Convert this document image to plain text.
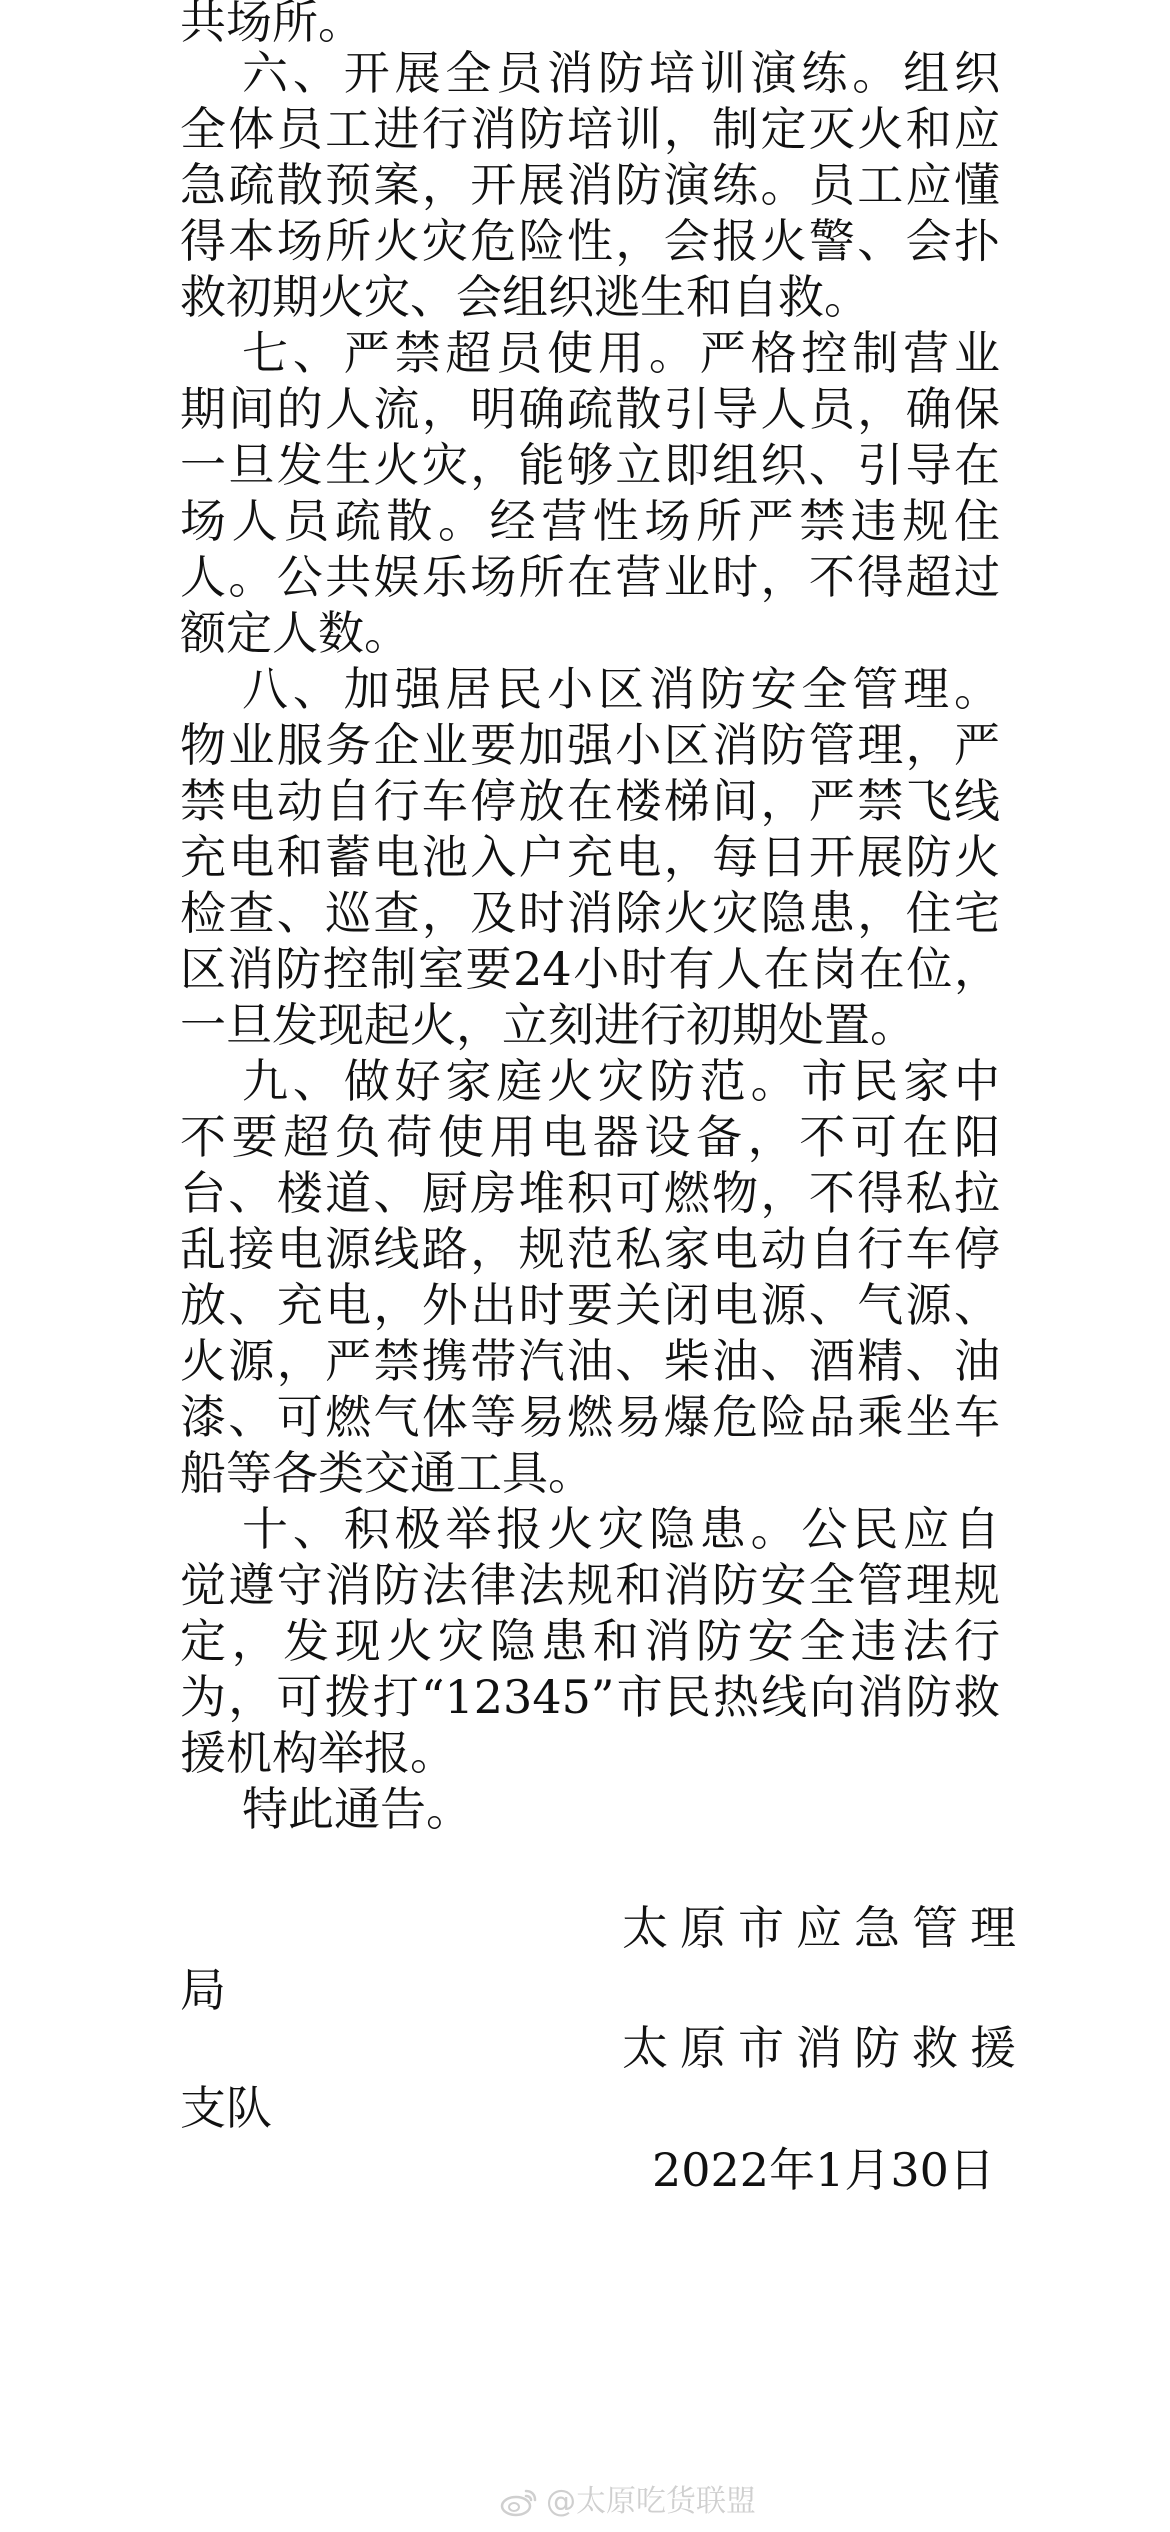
共场所。
六、开展全员消防培训演练。组织
全体员工进行消防培训，制定灭火和应
急疏散预案，开展消防演练。员工应懂
得本场所火灾危险性，会报火警、会扑
救初期火灾、会组织逃生和自救。
七、严禁超员使用。严格控制营业
期间的人流，明确疏散引导人员，确保
一旦发生火灾，能够立即组织、引导在
场人员疏散。经营性场所严禁违规住
人。公共娱乐场所在营业时，不得超过
额定人数。
八、加强居民小区消防安全管理。
物业服务企业要加强小区消防管理，严
禁电动自行车停放在楼梯间，严禁飞线
充电和蓄电池入户充电，每日开展防火
检查、巡查，及时消除火灾隐患，住宅
区消防控制室要24小时有人在岗在位，
一旦发现起火，立刻进行初期处置。
九、做好家庭火灾防范。市民家中
不要超负荷使用电器设备，不可在阳
台、楼道、厨房堆积可燃物，不得私拉
乱接电源线路，规范私家电动自行车停
放、充电，外出时要关闭电源、气源、
火源，严禁携带汽油、柴油、酒精、油
漆、可燃气体等易燃易爆危险品乘坐车
船等各类交通工具。
十、积极举报火灾隐患。公民应自
觉遵守消防法律法规和消防安全管理规
定，发现火灾隐患和消防安全违法行
为，可拨打“12345”市民热线向消防救
援机构举报。
特此通告。
太原市应急管理
局
太原市消防救援
支队
2022年1月30日
@太原吃货联盟
